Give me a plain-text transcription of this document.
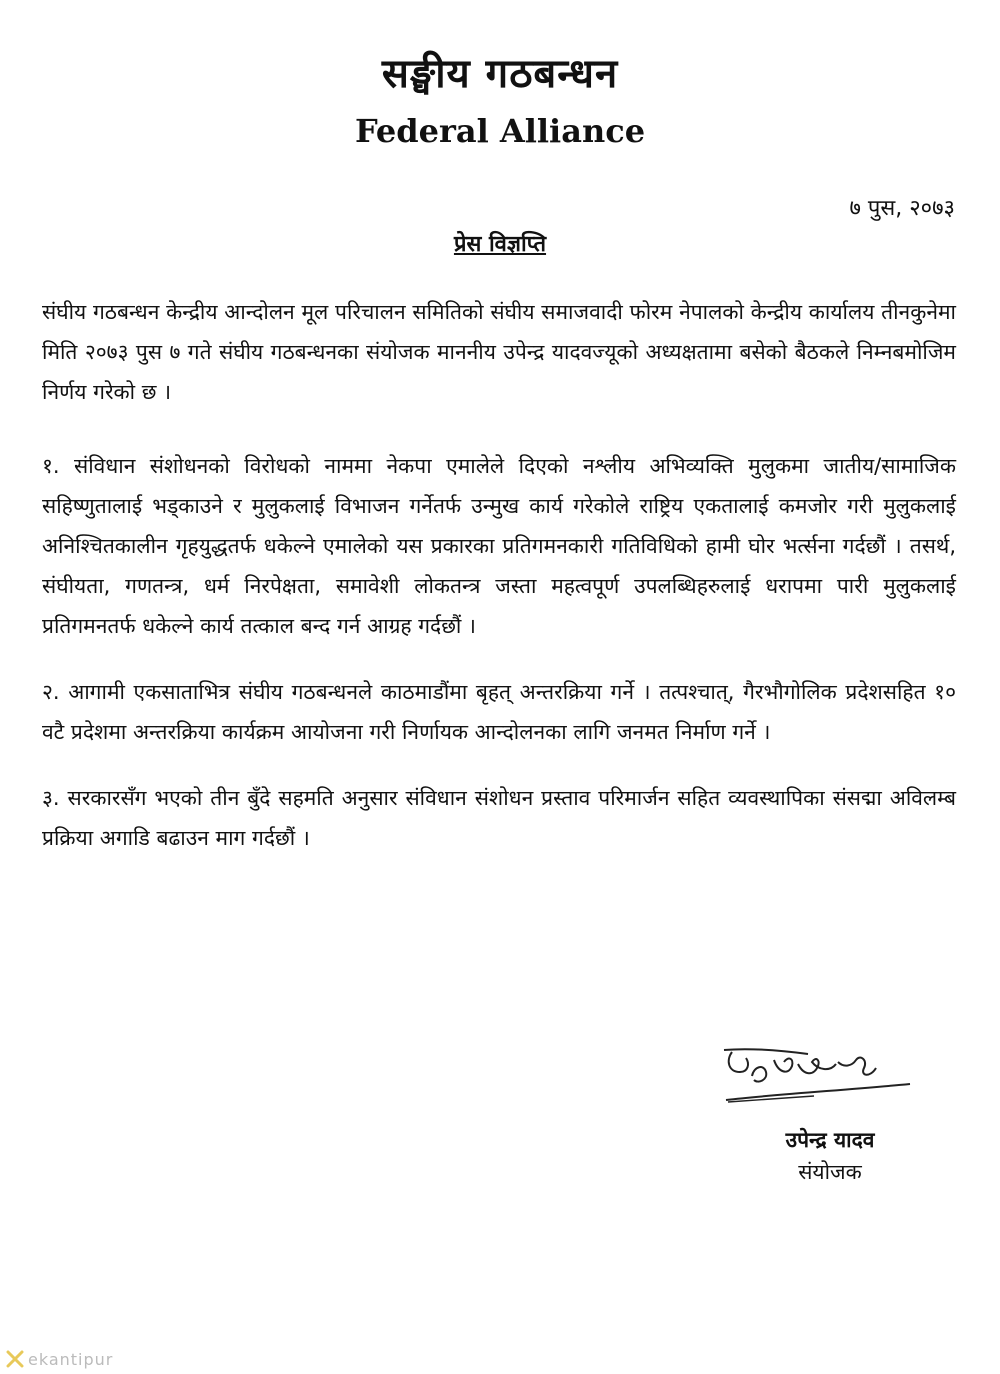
सङ्घीय गठबन्धन
Federal Alliance
७ पुस, २०७३
प्रेस विज्ञप्ति

संघीय गठबन्धन केन्द्रीय आन्दोलन मूल परिचालन समितिको संघीय समाजवादी फोरम नेपालको केन्द्रीय कार्यालय तीनकुनेमा मिति २०७३ पुस ७ गते संघीय गठबन्धनका संयोजक माननीय उपेन्द्र यादवज्यूको अध्यक्षतामा बसेको बैठकले निम्नबमोजिम निर्णय गरेको छ ।

१. संविधान संशोधनको विरोधको नाममा नेकपा एमालेले दिएको नश्लीय अभिव्यक्ति मुलुकमा जातीय/सामाजिक सहिष्णुतालाई भड्काउने र मुलुकलाई विभाजन गर्नेतर्फ उन्मुख कार्य गरेकोले राष्ट्रिय एकतालाई कमजोर गरी मुलुकलाई अनिश्चितकालीन गृहयुद्धतर्फ धकेल्ने एमालेको यस प्रकारका प्रतिगमनकारी गतिविधिको हामी घोर भर्त्सना गर्दछौं । तसर्थ, संघीयता, गणतन्त्र, धर्म निरपेक्षता, समावेशी लोकतन्त्र जस्ता महत्वपूर्ण उपलब्धिहरुलाई धरापमा पारी मुलुकलाई प्रतिगमनतर्फ धकेल्ने कार्य तत्काल बन्द गर्न आग्रह गर्दछौं ।

२. आगामी एकसाताभित्र संघीय गठबन्धनले काठमाडौंमा बृहत् अन्तरक्रिया गर्ने । तत्पश्चात्, गैरभौगोलिक प्रदेशसहित १० वटै प्रदेशमा अन्तरक्रिया कार्यक्रम आयोजना गरी निर्णायक आन्दोलनका लागि जनमत निर्माण गर्ने ।

३. सरकारसँग भएको तीन बुँदे सहमति अनुसार संविधान संशोधन प्रस्ताव परिमार्जन सहित व्यवस्थापिका संसद्मा अविलम्ब प्रक्रिया अगाडि बढाउन माग गर्दछौं ।

उपेन्द्र यादव
संयोजक
ekantipur
